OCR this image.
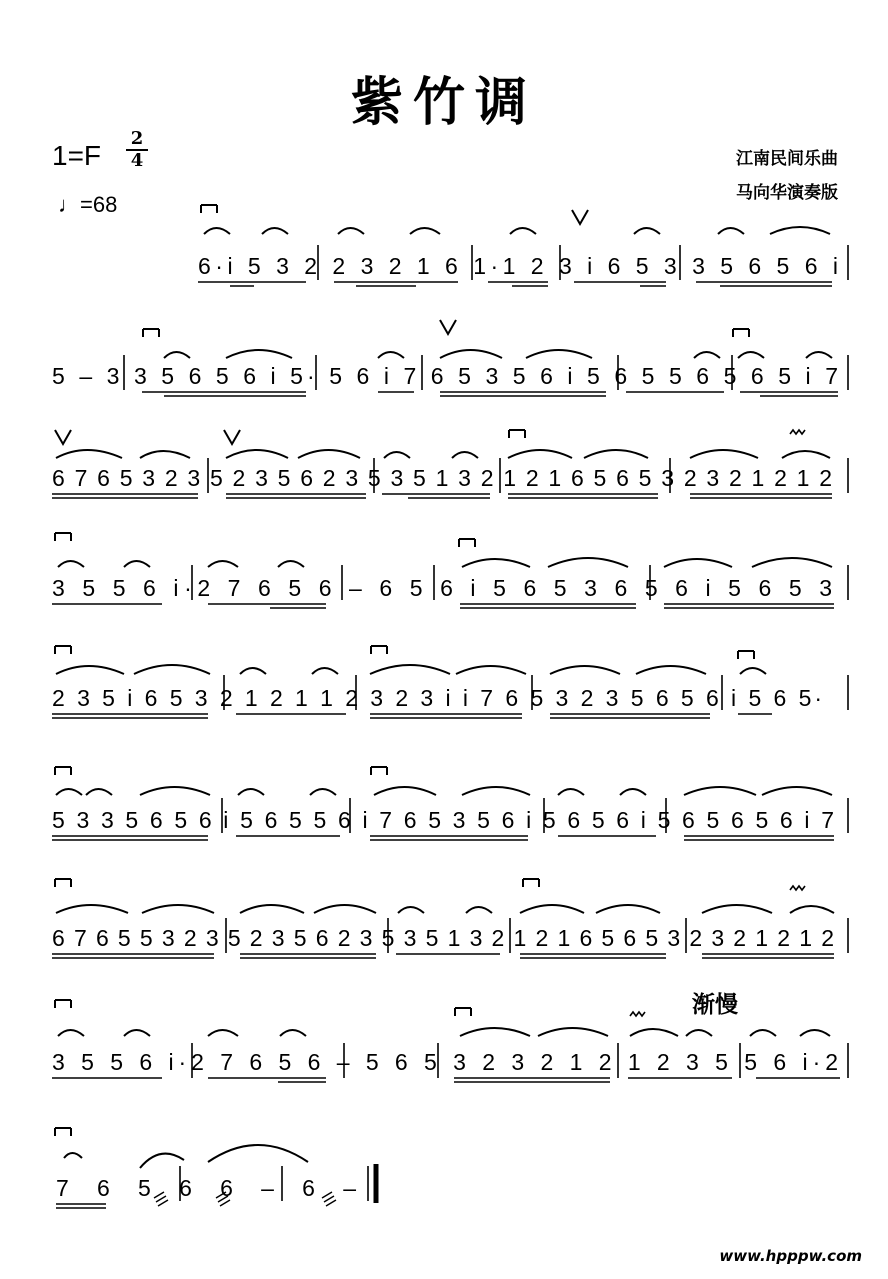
紫竹调
1=F
2
4
♩=68
江南民间乐曲
马向华演奏版
www.hpppw.com
渐慢
6·i 5 3 2 2 3 2 1 6 1·1 2 3 i 6 5 3 3 5 6 5 6 i
5 – 3 3 5 6 5 6 i 5· 5 6 i 7 6 5 3 5 6 i 5 6 5 5 6 5 6 5 i 7
6 7 6 5 3 2 3 5 2 3 5 6 2 3 5 3 5 1 3 2 1 2 1 6 5 6 5 3 2 3 2 1 2 1 2
3 5 5 6 i·2 7 6 5 6 – 6 5 6 i 5 6 5 3 6 5 6 i 5 6 5 3
2 3 5 i 6 5 3 2 1 2 1 1 2 3 2 3 i i 7 6 5 3 2 3 5 6 5 6 i 5 6 5·
5 3 3 5 6 5 6 i 5 6 5 5 6 i 7 6 5 3 5 6 i 5 6 5 6 i 5 6 5 6 5 6 i 7
6 7 6 5 5 3 2 3 5 2 3 5 6 2 3 5 3 5 1 3 2 1 2 1 6 5 6 5 3 2 3 2 1 2 1 2
3 5 5 6 i·2 7 6 5 6 – 5 6 5 3 2 3 2 1 2 1 2 3 5 5 6 i·2
7 6 5 6 6 – 6 –
